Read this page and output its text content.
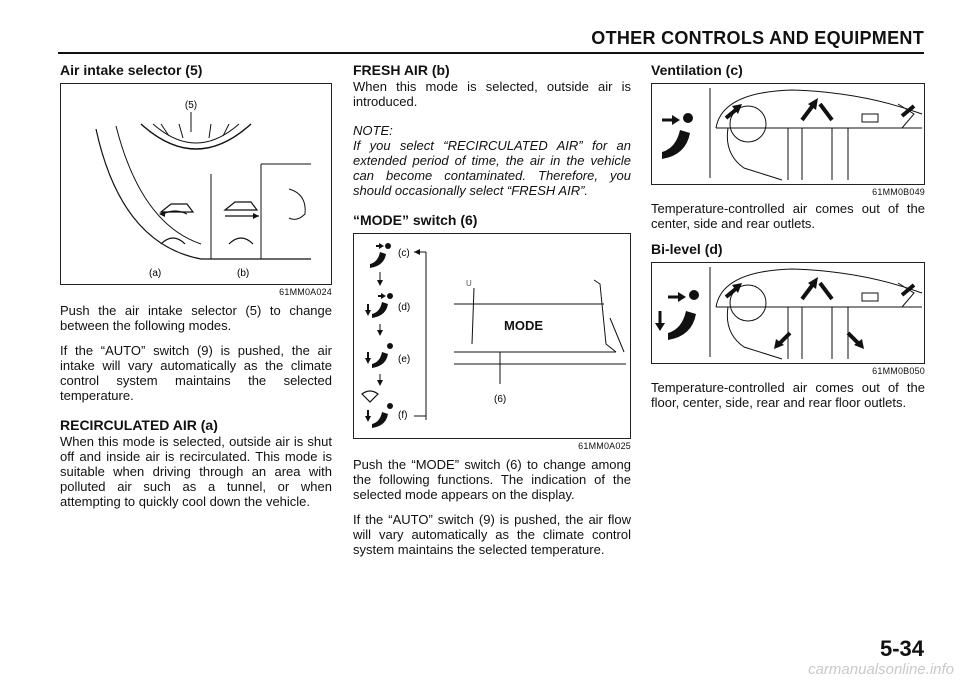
OTHER CONTROLS AND EQUIPMENT
Air intake selector (5)
(5)
(a)	(b)
61MM0A024

Push the air intake selector (5) to change between the following modes.

If the “AUTO” switch (9) is pushed, the air intake will vary automatically as the climate control system maintains the selected temperature.

RECIRCULATED AIR (a)

When this mode is selected, outside air is shut off and inside air is recirculated. This mode is suitable when driving through an area with polluted air such as a tunnel, or when attempting to quickly cool down the vehicle.

FRESH AIR (b)

When this mode is selected, outside air is introduced.

NOTE:

If you select “RECIRCULATED AIR” for an extended period of time, the air in the vehicle can become contaminated. Therefore, you should occasionally select “FRESH AIR”.

“MODE” switch (6)
(c)
(d)
(e)
(f)
U
(6)
MODE
61MM0A025

Push the “MODE” switch (6) to change among the following functions. The indication of the selected mode appears on the display.

If the “AUTO” switch (9) is pushed, the air flow will vary automatically as the climate control system maintains the selected temperature.

Ventilation (c)
61MM0B049

Temperature-controlled air comes out of the center, side and rear outlets.

Bi-level (d)
61MM0B050

Temperature-controlled air comes out of the floor, center, side, rear and rear floor outlets.

5-34
carmanualsonline.info
